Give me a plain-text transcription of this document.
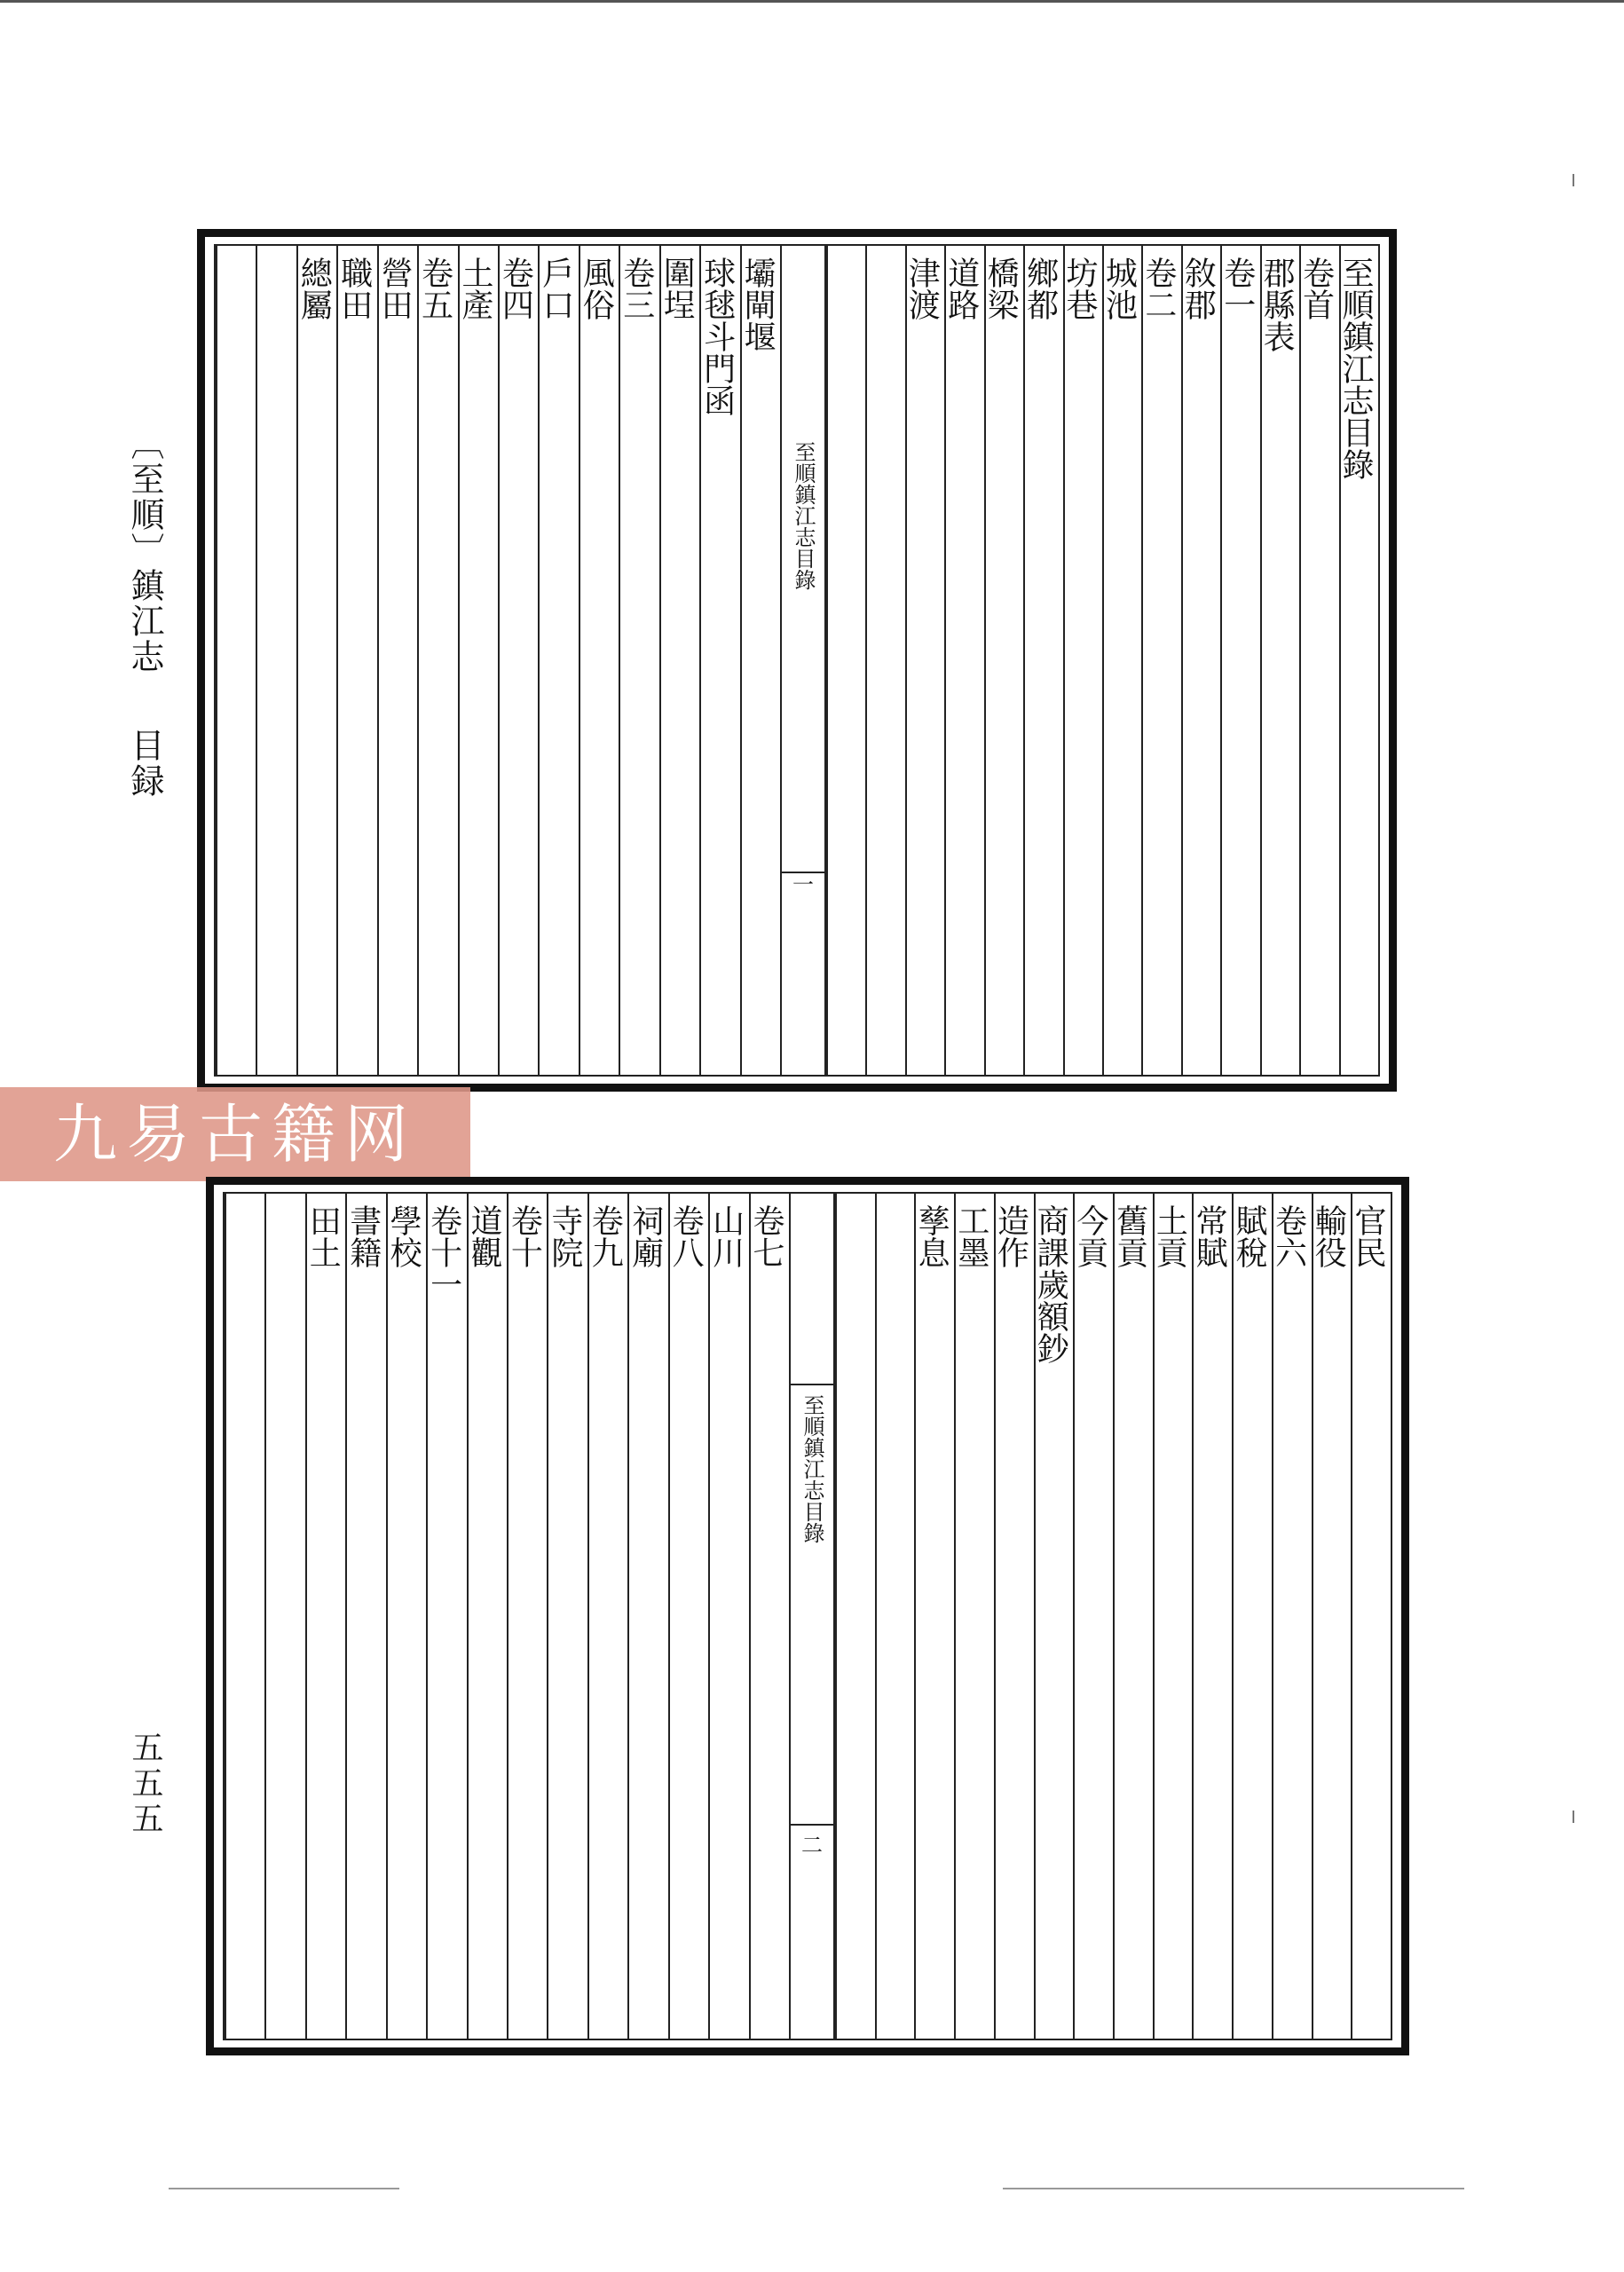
〔至順〕鎮江志目録
五五五
壩閘堰
球毬斗門函
圍埕
卷三
風俗
戶口
卷四
土產
卷五
營田
職田
總屬
至順鎮江志目錄
一
至順鎮江志目錄
卷首
郡縣表
卷一
敘郡
卷二
城池
坊巷
鄉都
橋梁
道路
津渡
九易古籍网
卷七
山川
卷八
祠廟
卷九
寺院
卷十
道觀
卷十一
學校
書籍
田土
至順鎮江志目錄
二
官民
輸役
卷六
賦稅
常賦
土貢
舊貢
今貢
商課歲額鈔
造作
工墨
孳息
